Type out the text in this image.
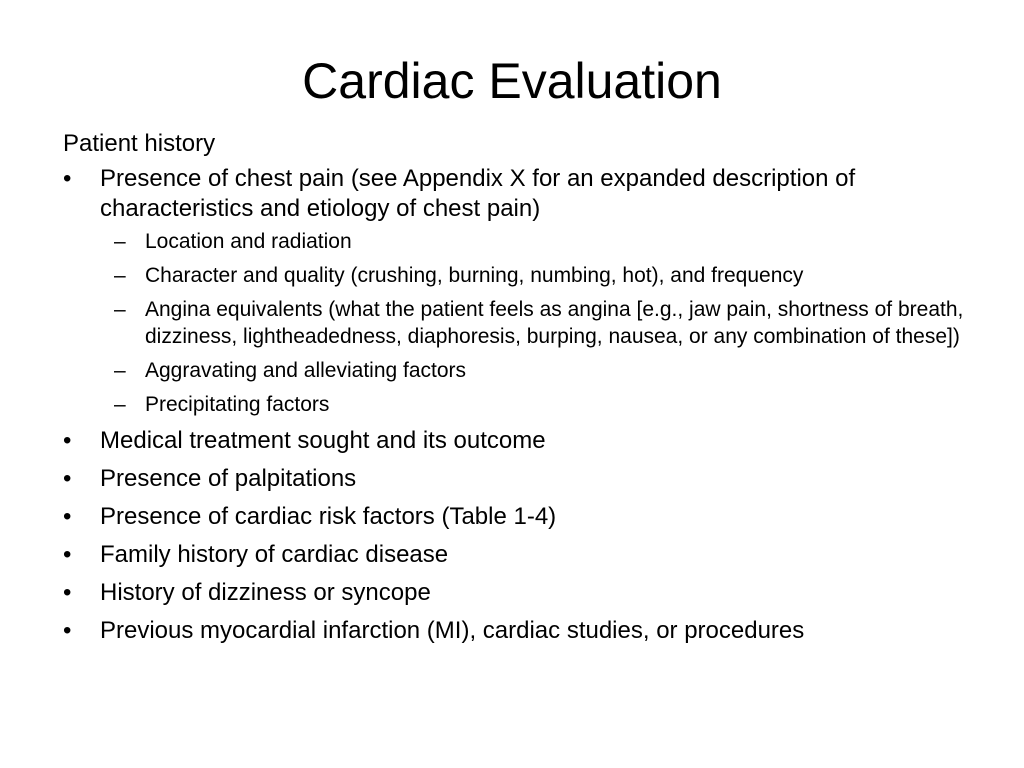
Cardiac Evaluation

Patient history

•	Presence of chest pain (see Appendix X for an expanded description of characteristics and etiology of chest pain)
– Location and radiation
– Character and quality (crushing, burning, numbing, hot), and frequency
– Angina equivalents (what the patient feels as angina [e.g., jaw pain, shortness of breath, dizziness, lightheadedness, diaphoresis, burping, nausea, or any combination of these])
– Aggravating and alleviating factors
– Precipitating factors
•	Medical treatment sought and its outcome
•	Presence of palpitations
•	Presence of cardiac risk factors (Table 1-4)
•	Family history of cardiac disease
•	History of dizziness or syncope
•	Previous myocardial infarction (MI), cardiac studies, or procedures
